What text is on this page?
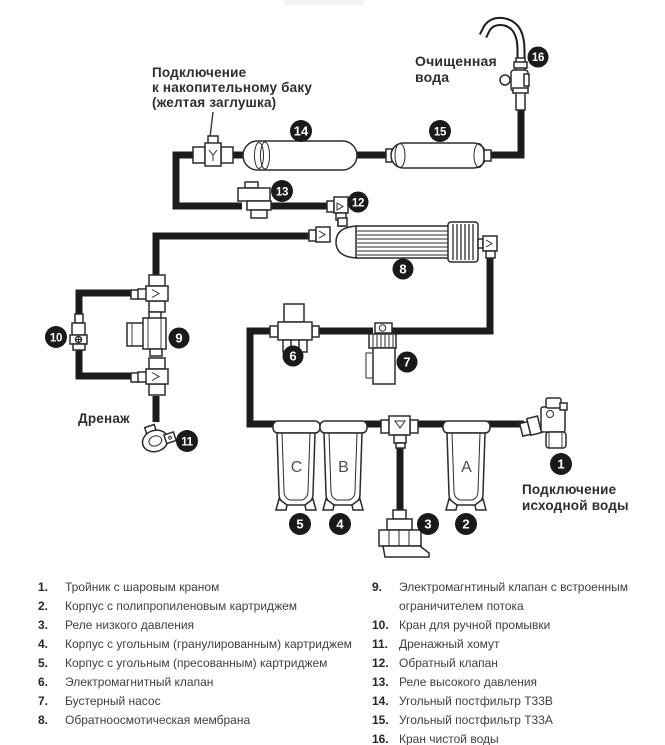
C B	A
Подключение
к накопительному баку
(желтая заглушка)
Очищенная
вода
Дренаж
Подключение
исходной воды
14	15
16
13
12
8
10	9
6	7
11
5	4	3 2
1
1.	Тройник с шаровым краном
2.	Корпус с полипропиленовым картриджем
3.	Реле низкого давления
4.	Корпус с угольным (гранулированным) картриджем
5.	Корпус с угольным (пресованным) картриджем
6.	Электромагнитный клапан
7.	Бустерный насос
8.	Обратноосмотическая мембрана
9.	Электромагнтиный клапан с встроенным ограничителем потока
10. Кран для ручной промывки
11. Дренажный хомут
12. Обратный клапан
13. Реле высокого давления
14. Угольный постфильтр T33B
15. Угольный постфильтр T33A
16. Кран чистой воды
